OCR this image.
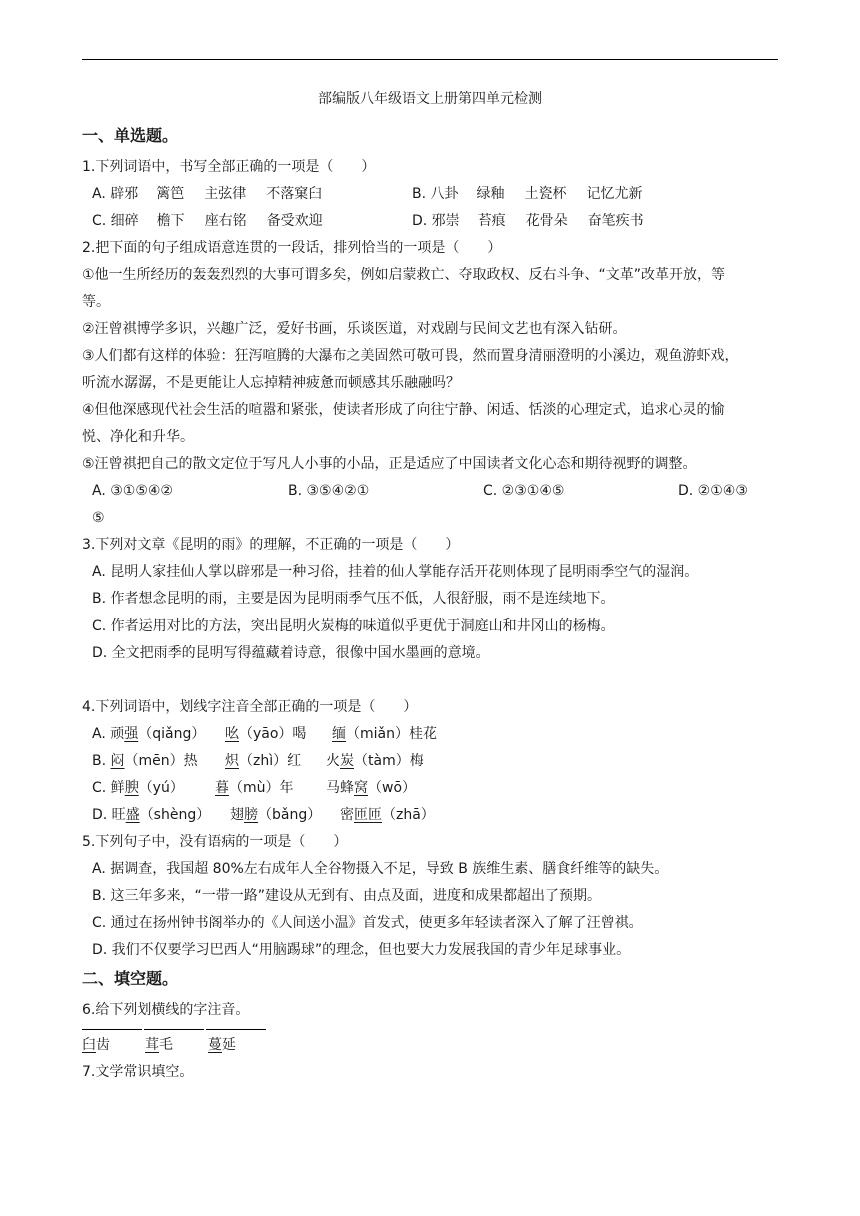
部编版八年级语文上册第四单元检测
一、单选题。
1.下列词语中，书写全部正确的一项是（　　）
A. 辟邪 篱笆 主弦律 不落窠臼	B. 八卦 绿釉 土瓷杯 记忆尤新
C. 细碎 檐下 座右铭 备受欢迎	D. 邪崇 苔痕 花骨朵 奋笔疾书
2.把下面的句子组成语意连贯的一段话，排列恰当的一项是（　　）
①他一生所经历的轰轰烈烈的大事可谓多矣，例如启蒙救亡、夺取政权、反右斗争、“文革”改革开放，等
等。
②汪曾祺博学多识，兴趣广泛，爱好书画，乐谈医道，对戏剧与民间文艺也有深入钻研。
③人们都有这样的体验：狂泻喧腾的大瀑布之美固然可敬可畏，然而置身清丽澄明的小溪边，观鱼游虾戏，
听流水潺潺，不是更能让人忘掉精神疲惫而顿感其乐融融吗？
④但他深感现代社会生活的喧嚣和紧张，使读者形成了向往宁静、闲适、恬淡的心理定式，追求心灵的愉
悦、净化和升华。
⑤汪曾祺把自己的散文定位于写凡人小事的小品，正是适应了中国读者文化心态和期待视野的调整。
A. ③①⑤④②	B. ③⑤④②①	C. ②③①④⑤	D. ②①④③
⑤
3.下列对文章《昆明的雨》的理解，不正确的一项是（　　）
A. 昆明人家挂仙人掌以辟邪是一种习俗，挂着的仙人掌能存活开花则体现了昆明雨季空气的湿润。
B. 作者想念昆明的雨，主要是因为昆明雨季气压不低，人很舒服，雨不是连续地下。
C. 作者运用对比的方法，突出昆明火炭梅的味道似乎更优于洞庭山和井冈山的杨梅。
D. 全文把雨季的昆明写得蕴藏着诗意，很像中国水墨画的意境。
4.下列词语中，划线字注音全部正确的一项是（　　）
A. 顽强（qiǎng） 吆（yāo）喝 缅（miǎn）桂花
B. 闷（mēn）热 炽（zhì）红 火炭（tàm）梅
C. 鲜腴（yú） 暮（mù）年 马蜂窝（wō）
D. 旺盛（shèng） 翅膀（bǎng） 密匝匝（zhā）
5.下列句子中，没有语病的一项是（　　）
A. 据调查，我国超 80%左右成年人全谷物摄入不足，导致 B 族维生素、膳食纤维等的缺失。
B. 这三年多来，“一带一路”建设从无到有、由点及面，进度和成果都超出了预期。
C. 通过在扬州钟书阁举办的《人间送小温》首发式，使更多年轻读者深入了解了汪曾祺。
D. 我们不仅要学习巴西人“用脑踢球”的理念，但也要大力发展我国的青少年足球事业。
二、填空题。
6.给下列划横线的字注音。
臼齿	茸毛	蔓延
7.文学常识填空。
